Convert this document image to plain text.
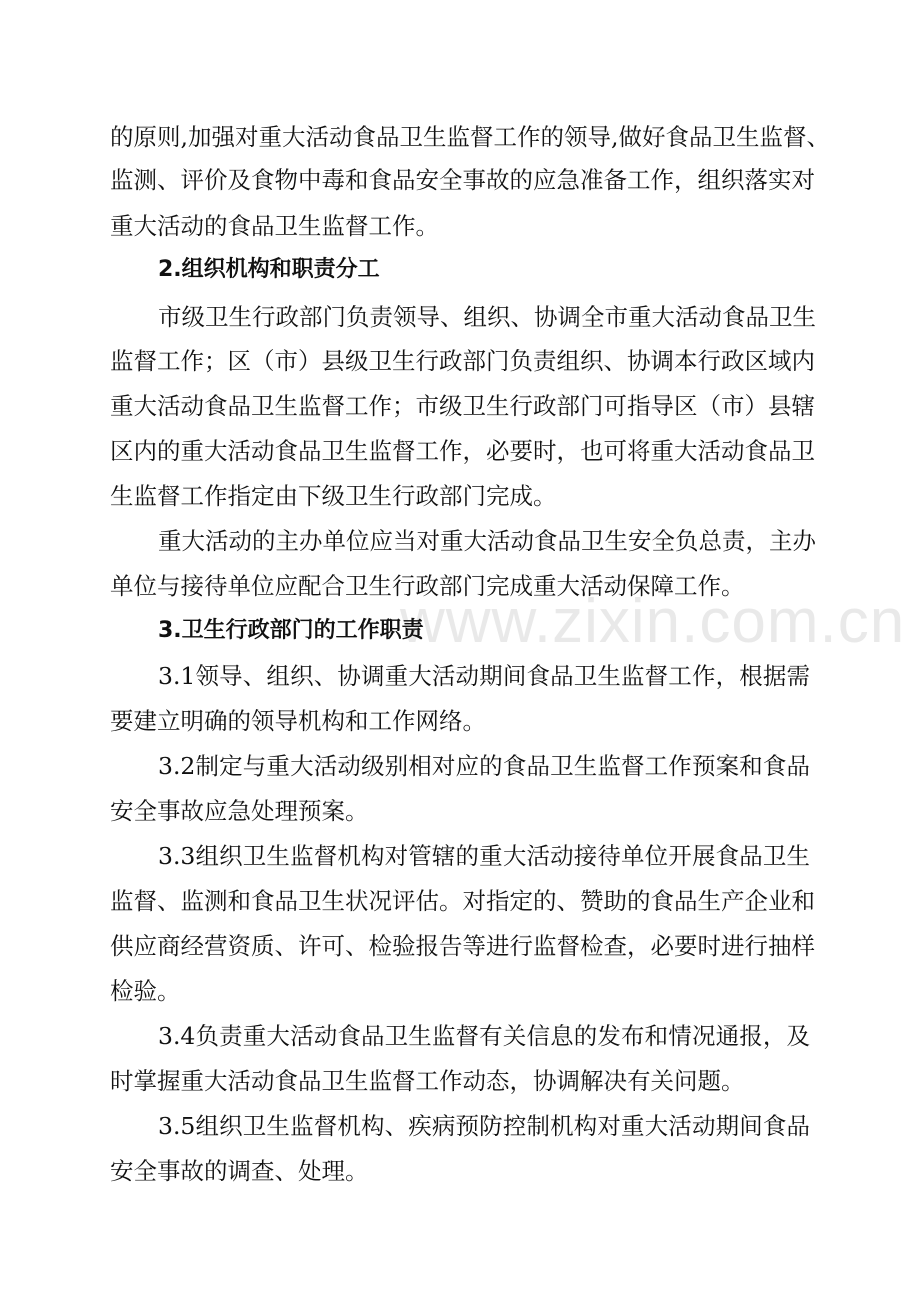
www.zixin.com.cn
的原则,加强对重大活动食品卫生监督工作的领导,做好食品卫生监督、
监测、评价及食物中毒和食品安全事故的应急准备工作，组织落实对
重大活动的食品卫生监督工作。
2.组织机构和职责分工
市级卫生行政部门负责领导、组织、协调全市重大活动食品卫生
监督工作；区（市）县级卫生行政部门负责组织、协调本行政区域内
重大活动食品卫生监督工作；市级卫生行政部门可指导区（市）县辖
区内的重大活动食品卫生监督工作，必要时，也可将重大活动食品卫
生监督工作指定由下级卫生行政部门完成。
重大活动的主办单位应当对重大活动食品卫生安全负总责，主办
单位与接待单位应配合卫生行政部门完成重大活动保障工作。
3.卫生行政部门的工作职责
3.1领导、组织、协调重大活动期间食品卫生监督工作，根据需
要建立明确的领导机构和工作网络。
3.2制定与重大活动级别相对应的食品卫生监督工作预案和食品
安全事故应急处理预案。
3.3组织卫生监督机构对管辖的重大活动接待单位开展食品卫生
监督、监测和食品卫生状况评估。对指定的、赞助的食品生产企业和
供应商经营资质、许可、检验报告等进行监督检查，必要时进行抽样
检验。
3.4负责重大活动食品卫生监督有关信息的发布和情况通报，及
时掌握重大活动食品卫生监督工作动态，协调解决有关问题。
3.5组织卫生监督机构、疾病预防控制机构对重大活动期间食品
安全事故的调查、处理。
